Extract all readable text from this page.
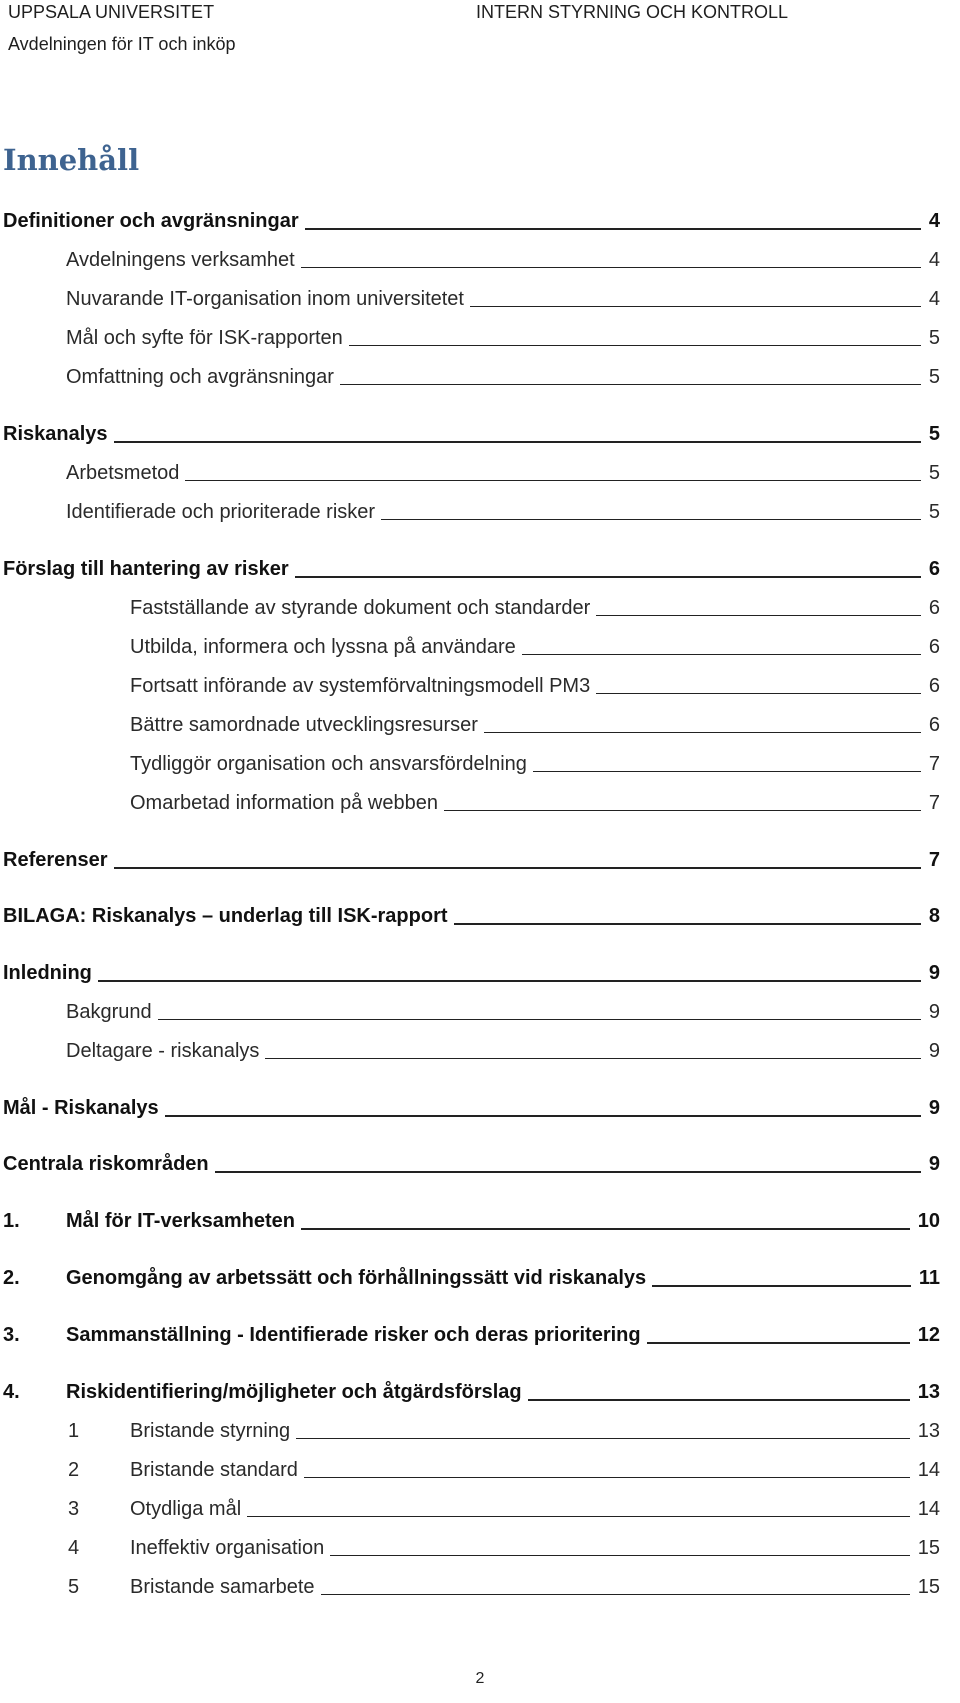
UPPSALA UNIVERSITET
Avdelningen för IT och inköp
INTERN STYRNING OCH KONTROLL
Innehåll
Definitioner och avgränsningar	4
Avdelningens verksamhet	4
Nuvarande IT-organisation inom universitetet	4
Mål och syfte för ISK-rapporten	5
Omfattning och avgränsningar	5
Riskanalys	5
Arbetsmetod	5
Identifierade och prioriterade risker	5
Förslag till hantering av risker	6
Fastställande av styrande dokument och standarder	6
Utbilda, informera och lyssna på användare	6
Fortsatt införande av systemförvaltningsmodell PM3	6
Bättre samordnade utvecklingsresurser	6
Tydliggör organisation och ansvarsfördelning	7
Omarbetad information på webben	7
Referenser	7
BILAGA: Riskanalys – underlag till ISK-rapport	8
Inledning	9
Bakgrund	9
Deltagare - riskanalys	9
Mål - Riskanalys	9
Centrala riskområden	9
1. Mål för IT-verksamheten	10
2. Genomgång av arbetssätt och förhållningssätt vid riskanalys	11
3. Sammanställning - Identifierade risker och deras prioritering	12
4. Riskidentifiering/möjligheter och åtgärdsförslag	13
1	Bristande styrning	13
2	Bristande standard	14
3	Otydliga mål	14
4	Ineffektiv organisation	15
5	Bristande samarbete	15
2
